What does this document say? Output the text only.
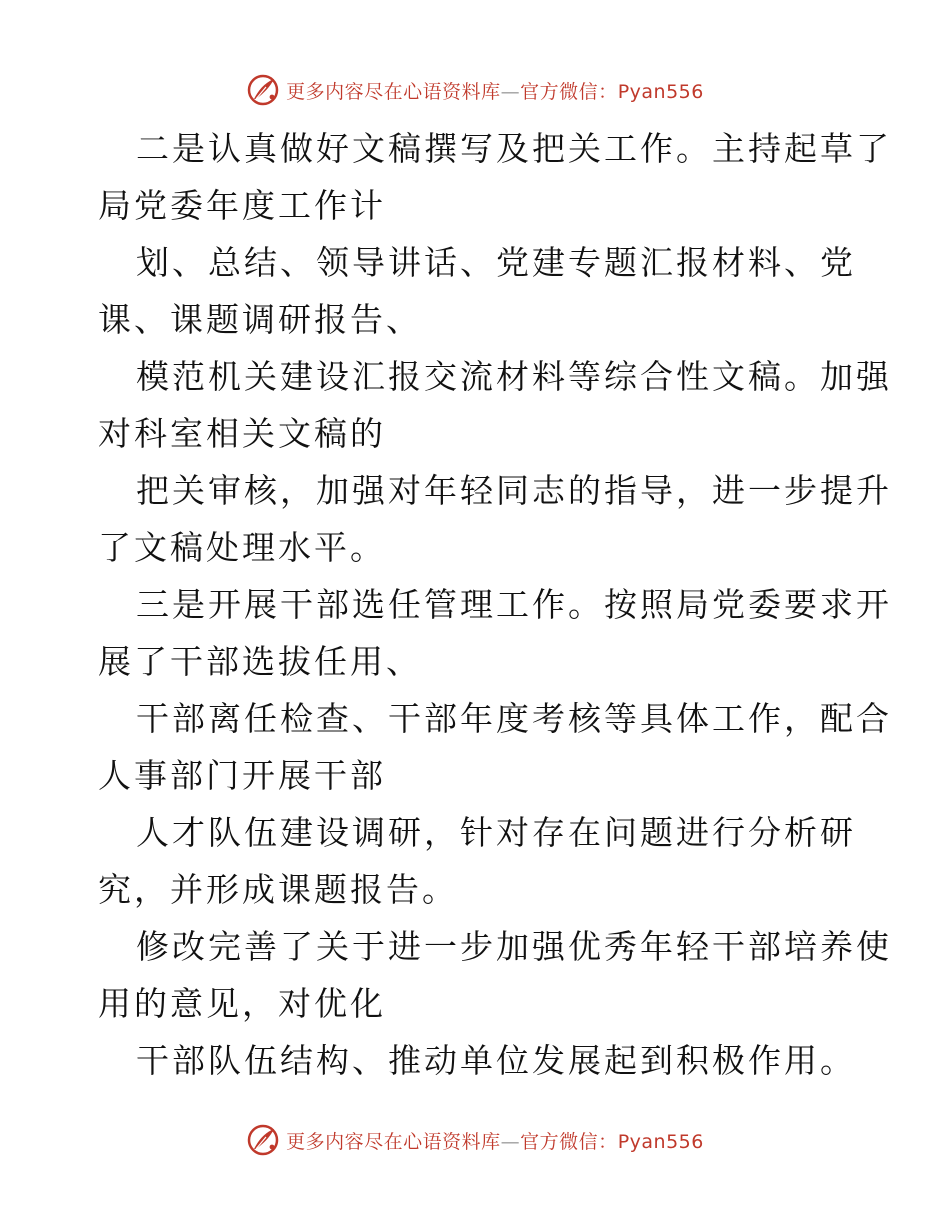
更多内容尽在心语资料库—官方微信：Pyan556

二是认真做好文稿撰写及把关工作。主持起草了

局党委年度工作计

划、总结、领导讲话、党建专题汇报材料、党

课、课题调研报告、

模范机关建设汇报交流材料等综合性文稿。加强

对科室相关文稿的

把关审核，加强对年轻同志的指导，进一步提升

了文稿处理水平。

三是开展干部选任管理工作。按照局党委要求开

展了干部选拔任用、

干部离任检查、干部年度考核等具体工作，配合

人事部门开展干部

人才队伍建设调研，针对存在问题进行分析研

究，并形成课题报告。

修改完善了关于进一步加强优秀年轻干部培养使

用的意见，对优化

干部队伍结构、推动单位发展起到积极作用。

更多内容尽在心语资料库—官方微信：Pyan556
